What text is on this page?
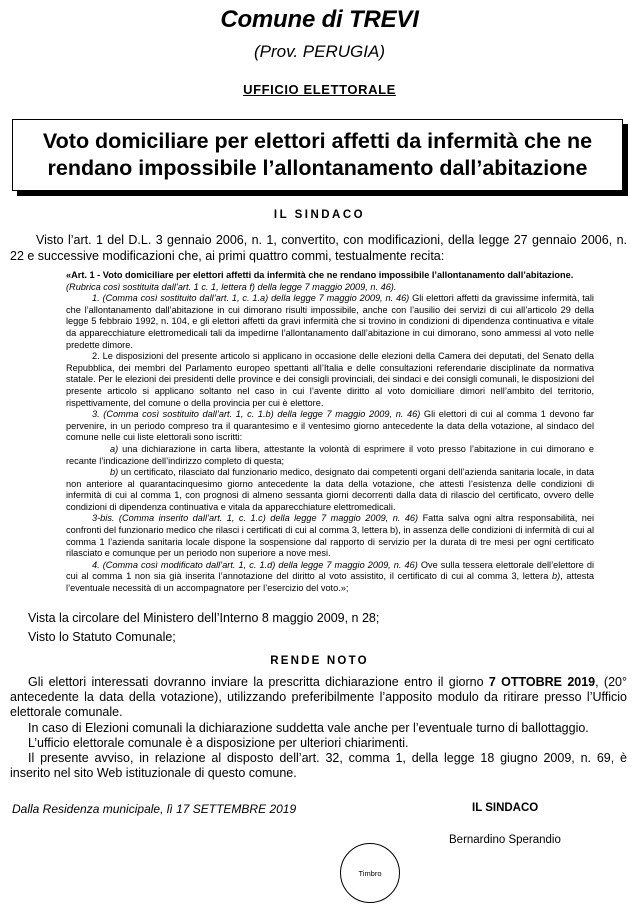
Comune di TREVI
(Prov. PERUGIA)
UFFICIO ELETTORALE
Voto domiciliare per elettori affetti da infermità che ne rendano impossibile l’allontanamento dall’abitazione
IL SINDACO
Visto l’art. 1 del D.L. 3 gennaio 2006, n. 1, convertito, con modificazioni, della legge 27 gennaio 2006, n. 22 e successive modificazioni che, ai primi quattro commi, testualmente recita:

«Art. 1 - Voto domiciliare per elettori affetti da infermità che ne rendano impossibile l’allontanamento dall’abitazione.

(Rubrica così sostituita dall’art. 1 c. 1, lettera f) della legge 7 maggio 2009, n. 46).

1. (Comma così sostituito dall’art. 1, c. 1.a) della legge 7 maggio 2009, n. 46) Gli elettori affetti da gravissime infermità, tali che l’allontanamento dall’abitazione in cui dimorano risulti impossibile, anche con l’ausilio dei servizi di cui all’articolo 29 della legge 5 febbraio 1992, n. 104, e gli elettori affetti da gravi infermità che si trovino in condizioni di dipendenza continuativa e vitale da apparecchiature elettromedicali tali da impedirne l’allontanamento dall’abitazione in cui dimorano, sono ammessi al voto nelle predette dimore.

2. Le disposizioni del presente articolo si applicano in occasione delle elezioni della Camera dei deputati, del Senato della Repubblica, dei membri del Parlamento europeo spettanti all’Italia e delle consultazioni referendarie disciplinate da normativa statale. Per le elezioni dei presidenti delle province e dei consigli provinciali, dei sindaci e dei consigli comunali, le disposizioni del presente articolo si applicano soltanto nel caso in cui l’avente diritto al voto domiciliare dimori nell’ambito del territorio, rispettivamente, del comune o della provincia per cui è elettore.

3. (Comma così sostituito dall’art. 1, c. 1.b) della legge 7 maggio 2009, n. 46) Gli elettori di cui al comma 1 devono far pervenire, in un periodo compreso tra il quarantesimo e il ventesimo giorno antecedente la data della votazione, al sindaco del comune nelle cui liste elettorali sono iscritti:

a) una dichiarazione in carta libera, attestante la volontà di esprimere il voto presso l’abitazione in cui dimorano e recante l’indicazione dell’indirizzo completo di questa;

b) un certificato, rilasciato dal funzionario medico, designato dai competenti organi dell’azienda sanitaria locale, in data non anteriore al quarantacinquesimo giorno antecedente la data della votazione, che attesti l’esistenza delle condizioni di infermità di cui al comma 1, con prognosi di almeno sessanta giorni decorrenti dalla data di rilascio del certificato, ovvero delle condizioni di dipendenza continuativa e vitala da apparecchiature elettromedicali.

3-bis. (Comma inserito dall’art. 1, c. 1.c) della legge 7 maggio 2009, n. 46) Fatta salva ogni altra responsabilità, nei confronti del funzionario medico che rilasci i certificati di cui al comma 3, lettera b), in assenza delle condizioni di infermità di cui al comma 1 l’azienda sanitaria locale dispone la sospensione dal rapporto di servizio per la durata di tre mesi per ogni certificato rilasciato e comunque per un periodo non superiore a nove mesi.

4. (Comma così modificato dall’art. 1, c. 1.d) della legge 7 maggio 2009, n. 46) Ove sulla tessera elettorale dell’elettore di cui al comma 1 non sia già inserita l’annotazione del diritto al voto assistito, il certificato di cui al comma 3, lettera b), attesta l’eventuale necessità di un accompagnatore per l’esercizio del voto.»;

Vista la circolare del Ministero dell’Interno 8 maggio 2009, n 28;
Visto lo Statuto Comunale;
RENDE NOTO

Gli elettori interessati dovranno inviare la prescritta dichiarazione entro il giorno 7 OTTOBRE 2019, (20° antecedente la data della votazione), utilizzando preferibilmente l’apposito modulo da ritirare presso l’Ufficio elettorale comunale.

In caso di Elezioni comunali la dichiarazione suddetta vale anche per l’eventuale turno di ballottaggio.

L’ufficio elettorale comunale è a disposizione per ulteriori chiarimenti.

Il presente avviso, in relazione al disposto dell’art. 32, comma 1, della legge 18 giugno 2009, n. 69, è inserito nel sito Web istituzionale di questo comune.

Dalla Residenza municipale, lì 17 SETTEMBRE 2019	IL SINDACO
Bernardino Sperandio
Timbro
